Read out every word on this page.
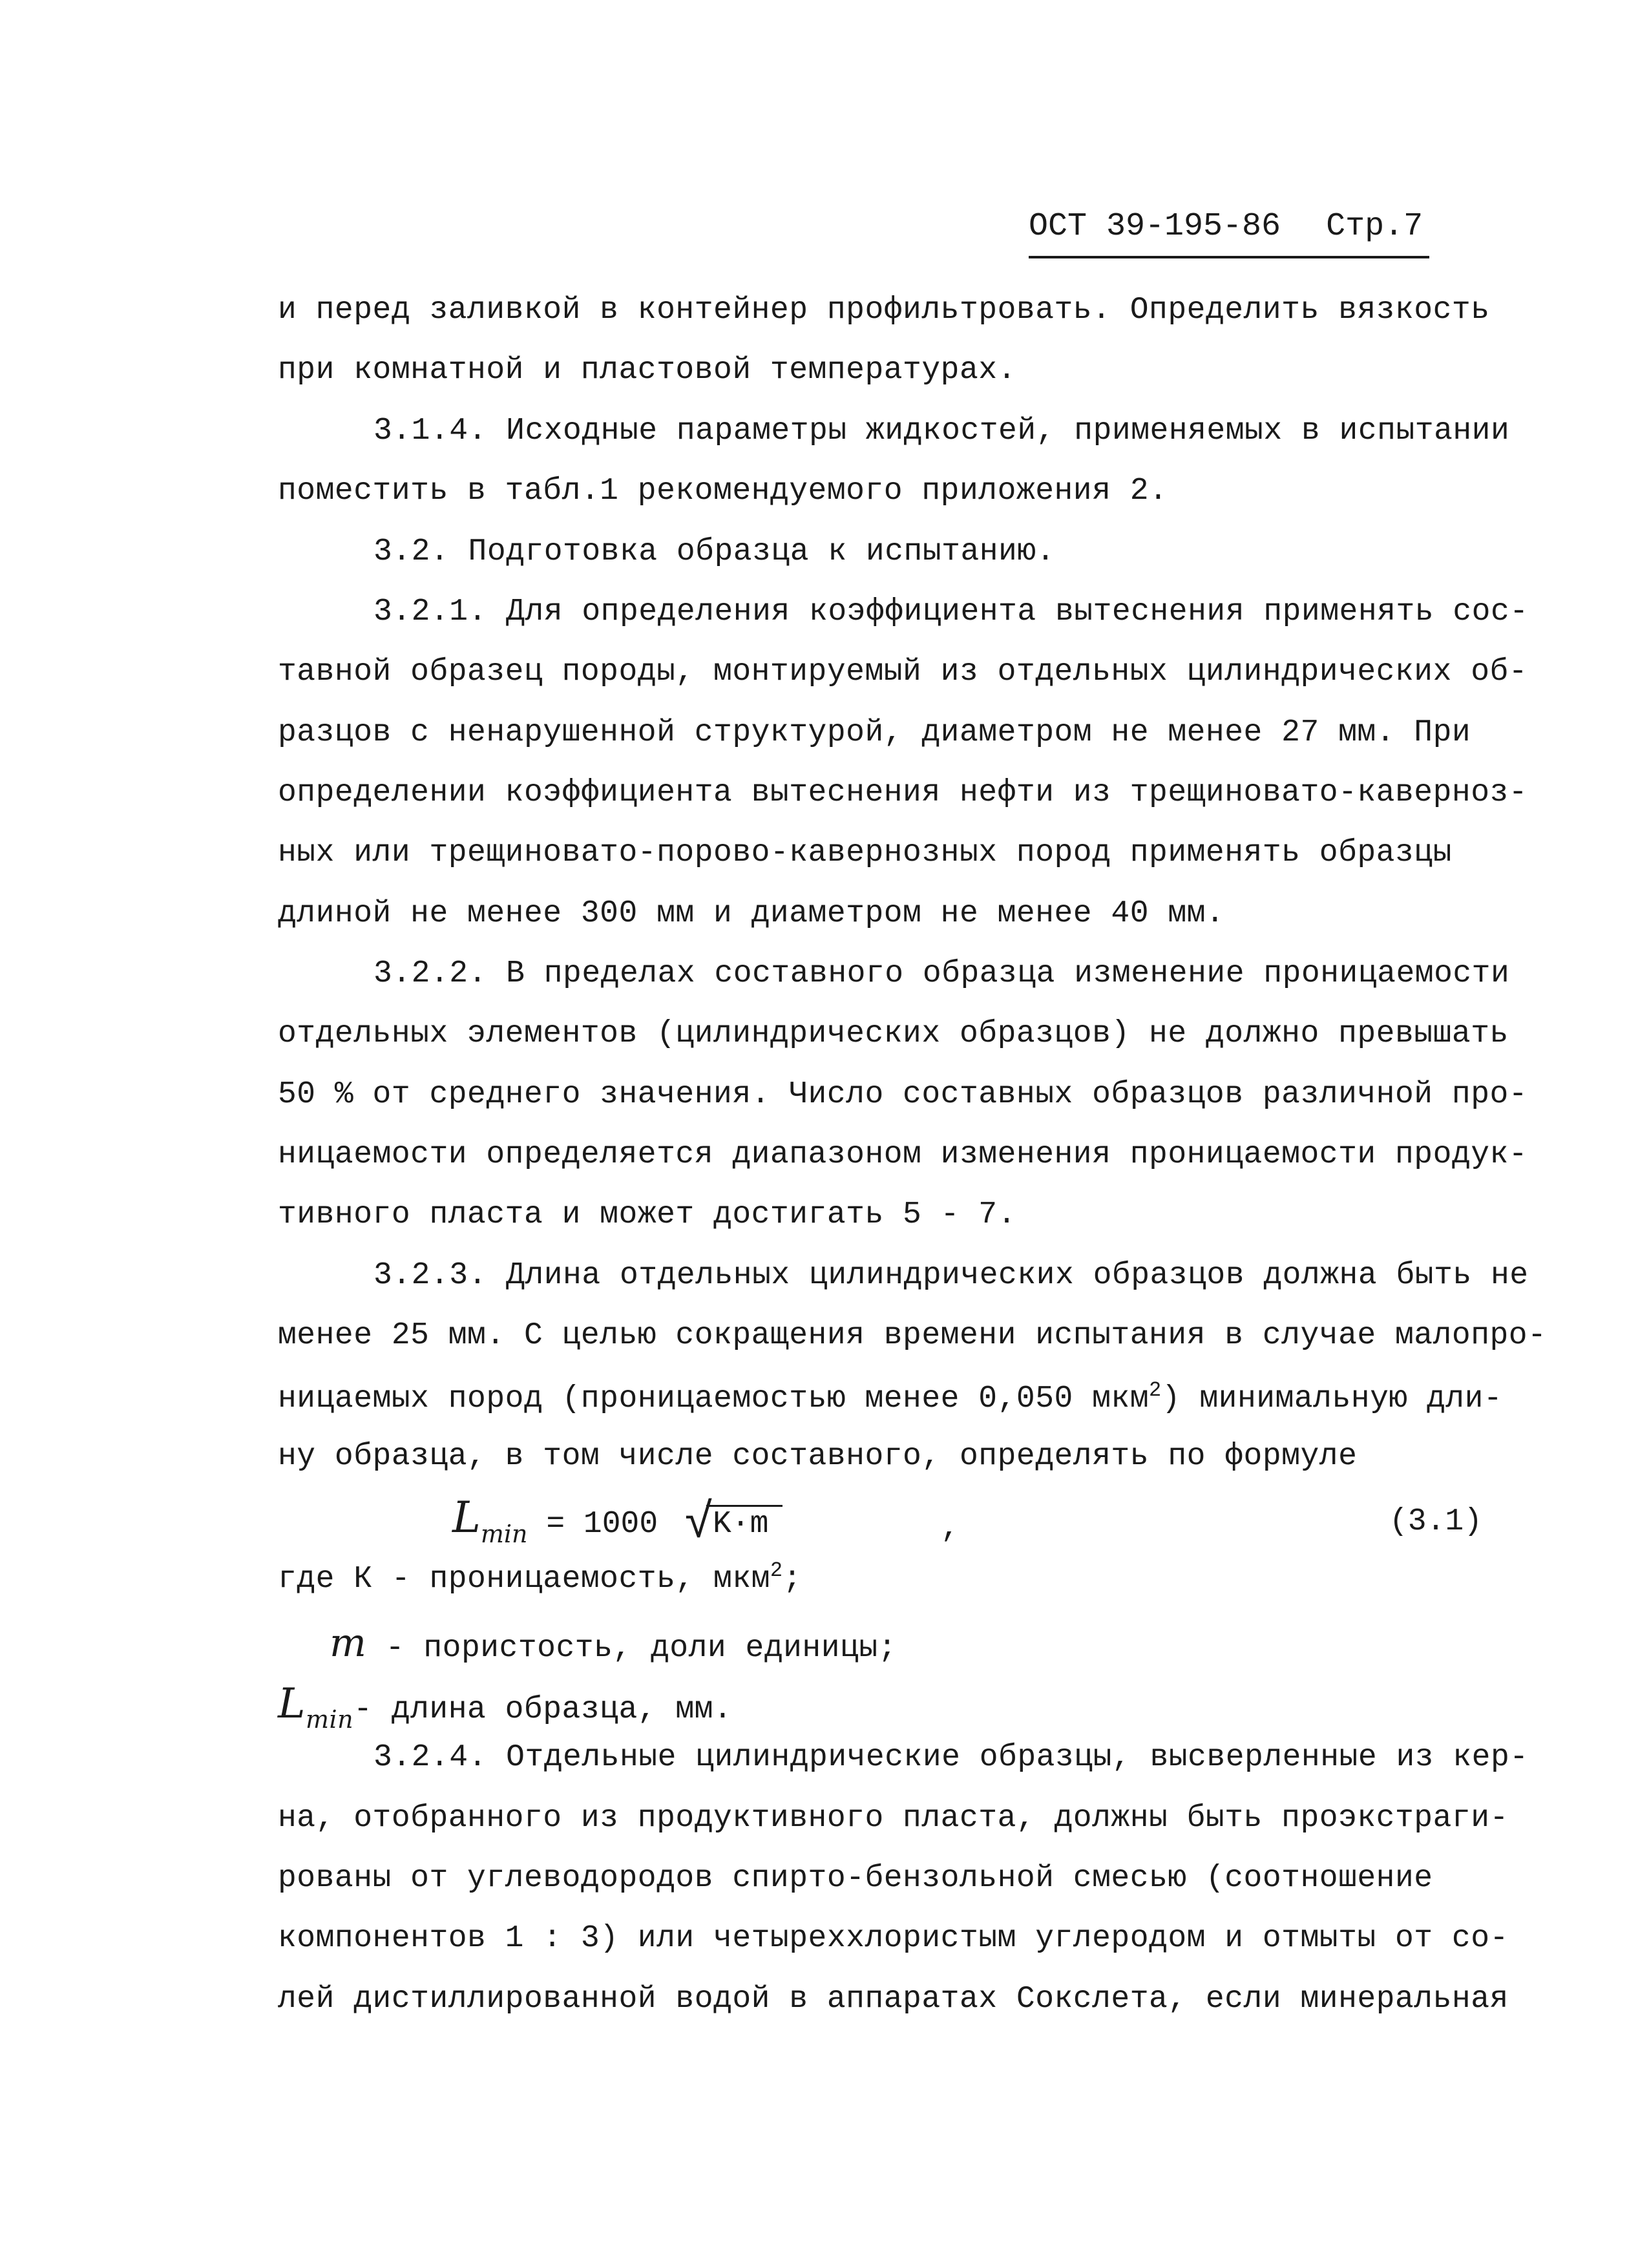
ОСТ 39-195-86 Стр.7
и перед заливкой в контейнер профильтровать. Определить вязкость
при комнатной и пластовой температурах.
3.1.4. Исходные параметры жидкостей, применяемых в испытании
поместить в табл.1 рекомендуемого приложения 2.
3.2. Подготовка образца к испытанию.
3.2.1. Для определения коэффициента вытеснения применять сос-
тавной образец породы, монтируемый из отдельных цилиндрических об-
разцов с ненарушенной структурой, диаметром не менее 27 мм. При
определении коэффициента вытеснения нефти из трещиновато-каверноз-
ных или трещиновато-порово-кавернозных пород применять образцы
длиной не менее 300 мм и диаметром не менее 40 мм.
3.2.2. В пределах составного образца изменение проницаемости
отдельных элементов (цилиндрических образцов) не должно превышать
50 % от среднего значения. Число составных образцов различной про-
ницаемости определяется диапазоном изменения проницаемости продук-
тивного пласта и может достигать 5 - 7.
3.2.3. Длина отдельных цилиндрических образцов должна быть не
менее 25 мм. С целью сокращения времени испытания в случае малопро-
ницаемых пород (проницаемостью менее 0,050 мкм$^2$) минимальную дли-
ну образца, в том числе составного, определять по формуле
$L_{min} = 1000$ √
K·m	,	(3.1)
где К - проницаемость, мкм$^2$;
m - пористость, доли единицы;
$L_{min}-$ длина образца, мм.
3.2.4. Отдельные цилиндрические образцы, высверленные из кер-
на, отобранного из продуктивного пласта, должны быть проэкстраги-
рованы от углеводородов спирто-бензольной смесью (соотношение
компонентов 1 : 3) или четыреххлористым углеродом и отмыты от со-
лей дистиллированной водой в аппаратах Сокслета, если минеральная
